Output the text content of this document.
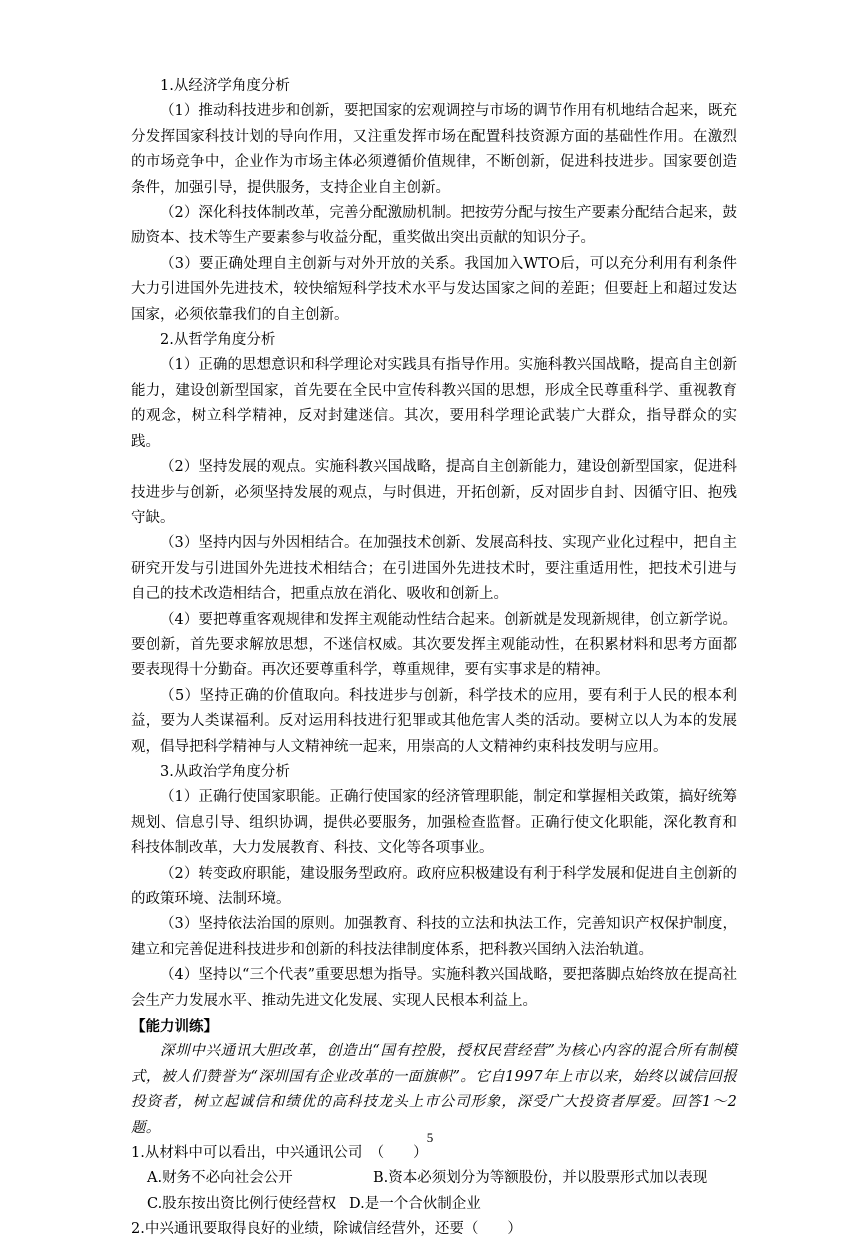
1.从经济学角度分析

（1）推动科技进步和创新，要把国家的宏观调控与市场的调节作用有机地结合起来，既充分发挥国家科技计划的导向作用，又注重发挥市场在配置科技资源方面的基础性作用。在激烈的市场竞争中，企业作为市场主体必须遵循价值规律，不断创新，促进科技进步。国家要创造条件，加强引导，提供服务，支持企业自主创新。

（2）深化科技体制改革，完善分配激励机制。把按劳分配与按生产要素分配结合起来，鼓励资本、技术等生产要素参与收益分配，重奖做出突出贡献的知识分子。

（3）要正确处理自主创新与对外开放的关系。我国加入WTO后，可以充分利用有利条件大力引进国外先进技术，较快缩短科学技术水平与发达国家之间的差距；但要赶上和超过发达国家，必须依靠我们的自主创新。

2.从哲学角度分析

（1）正确的思想意识和科学理论对实践具有指导作用。实施科教兴国战略，提高自主创新能力，建设创新型国家，首先要在全民中宣传科教兴国的思想，形成全民尊重科学、重视教育的观念，树立科学精神，反对封建迷信。其次，要用科学理论武装广大群众，指导群众的实践。

（2）坚持发展的观点。实施科教兴国战略，提高自主创新能力，建设创新型国家，促进科技进步与创新，必须坚持发展的观点，与时俱进，开拓创新，反对固步自封、因循守旧、抱残守缺。

（3）坚持内因与外因相结合。在加强技术创新、发展高科技、实现产业化过程中，把自主研究开发与引进国外先进技术相结合；在引进国外先进技术时，要注重适用性，把技术引进与自己的技术改造相结合，把重点放在消化、吸收和创新上。

（4）要把尊重客观规律和发挥主观能动性结合起来。创新就是发现新规律，创立新学说。要创新，首先要求解放思想，不迷信权威。其次要发挥主观能动性，在积累材料和思考方面都要表现得十分勤奋。再次还要尊重科学，尊重规律，要有实事求是的精神。

（5）坚持正确的价值取向。科技进步与创新，科学技术的应用，要有利于人民的根本利益，要为人类谋福利。反对运用科技进行犯罪或其他危害人类的活动。要树立以人为本的发展观，倡导把科学精神与人文精神统一起来，用崇高的人文精神约束科技发明与应用。

3.从政治学角度分析

（1）正确行使国家职能。正确行使国家的经济管理职能，制定和掌握相关政策，搞好统筹规划、信息引导、组织协调，提供必要服务，加强检查监督。正确行使文化职能，深化教育和科技体制改革，大力发展教育、科技、文化等各项事业。

（2）转变政府职能，建设服务型政府。政府应积极建设有利于科学发展和促进自主创新的的政策环境、法制环境。

（3）坚持依法治国的原则。加强教育、科技的立法和执法工作，完善知识产权保护制度，建立和完善促进科技进步和创新的科技法律制度体系，把科教兴国纳入法治轨道。

（4）坚持以“三个代表”重要思想为指导。实施科教兴国战略，要把落脚点始终放在提高社会生产力发展水平、推动先进文化发展、实现人民根本利益上。

【能力训练】

深圳中兴通讯大胆改革，创造出“国有控股，授权民营经营”为核心内容的混合所有制模式，被人们赞誉为“深圳国有企业改革的一面旗帜”。它自1997年上市以来，始终以诚信回报投资者，树立起诚信和绩优的高科技龙头上市公司形象，深受广大投资者厚爱。回答1～2题。

1.从材料中可以看出，中兴通讯公司　（　　）

A.财务不必向社会公开	B.资本必须划分为等额股份，并以股票形式加以表现
C.股东按出资比例行使经营权 D.是一个合伙制企业

2.中兴通讯要取得良好的业绩，除诚信经营外，还要（　　）

5
